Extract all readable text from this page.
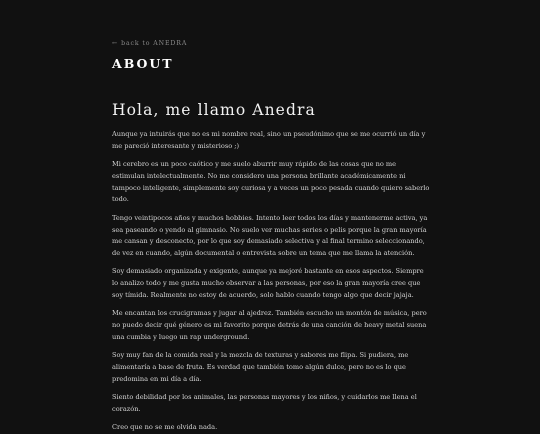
← back to ANEDRA
ABOUT
Hola, me llamo Anedra

Aunque ya intuirás que no es mi nombre real, sino un pseudónimo que se me ocurrió un día y me pareció interesante y misterioso ;)

Mi cerebro es un poco caótico y me suelo aburrir muy rápido de las cosas que no me estimulan intelectualmente. No me considero una persona brillante académicamente ni tampoco inteligente, simplemente soy curiosa y a veces un poco pesada cuando quiero saberlo todo.

Tengo veintipocos años y muchos hobbies. Intento leer todos los días y mantenerme activa, ya sea paseando o yendo al gimnasio. No suelo ver muchas series o pelis porque la gran mayoría me cansan y desconecto, por lo que soy demasiado selectiva y al final termino seleccionando, de vez en cuando, algún documental o entrevista sobre un tema que me llama la atención.

Soy demasiado organizada y exigente, aunque ya mejoré bastante en esos aspectos. Siempre lo analizo todo y me gusta mucho observar a las personas, por eso la gran mayoría cree que soy tímida. Realmente no estoy de acuerdo, solo hablo cuando tengo algo que decir jajaja.

Me encantan los crucigramas y jugar al ajedrez. También escucho un montón de música, pero no puedo decir qué género es mi favorito porque detrás de una canción de heavy metal suena una cumbia y luego un rap underground.

Soy muy fan de la comida real y la mezcla de texturas y sabores me flipa. Si pudiera, me alimentaría a base de fruta. Es verdad que también tomo algún dulce, pero no es lo que predomina en mi día a día.

Siento debilidad por los animales, las personas mayores y los niños, y cuidarlos me llena el corazón.

Creo que no se me olvida nada.
